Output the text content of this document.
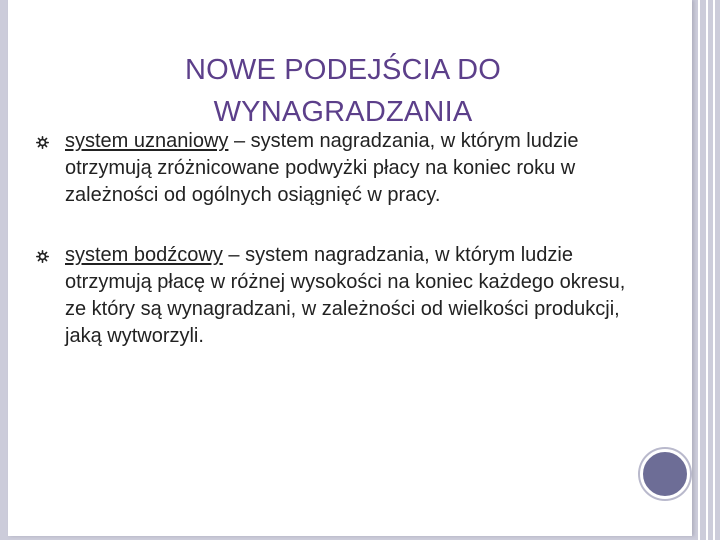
NOWE PODEJŚCIA DO
WYNAGRADZANIA
system uznaniowy – system nagradzania, w którym ludzie otrzymują zróżnicowane podwyżki płacy na koniec roku w zależności od ogólnych osiągnięć w pracy.
system bodźcowy – system nagradzania, w którym ludzie otrzymują płacę w różnej wysokości na koniec każdego okresu, ze który są wynagradzani, w zależności od wielkości produkcji, jaką wytworzyli.
